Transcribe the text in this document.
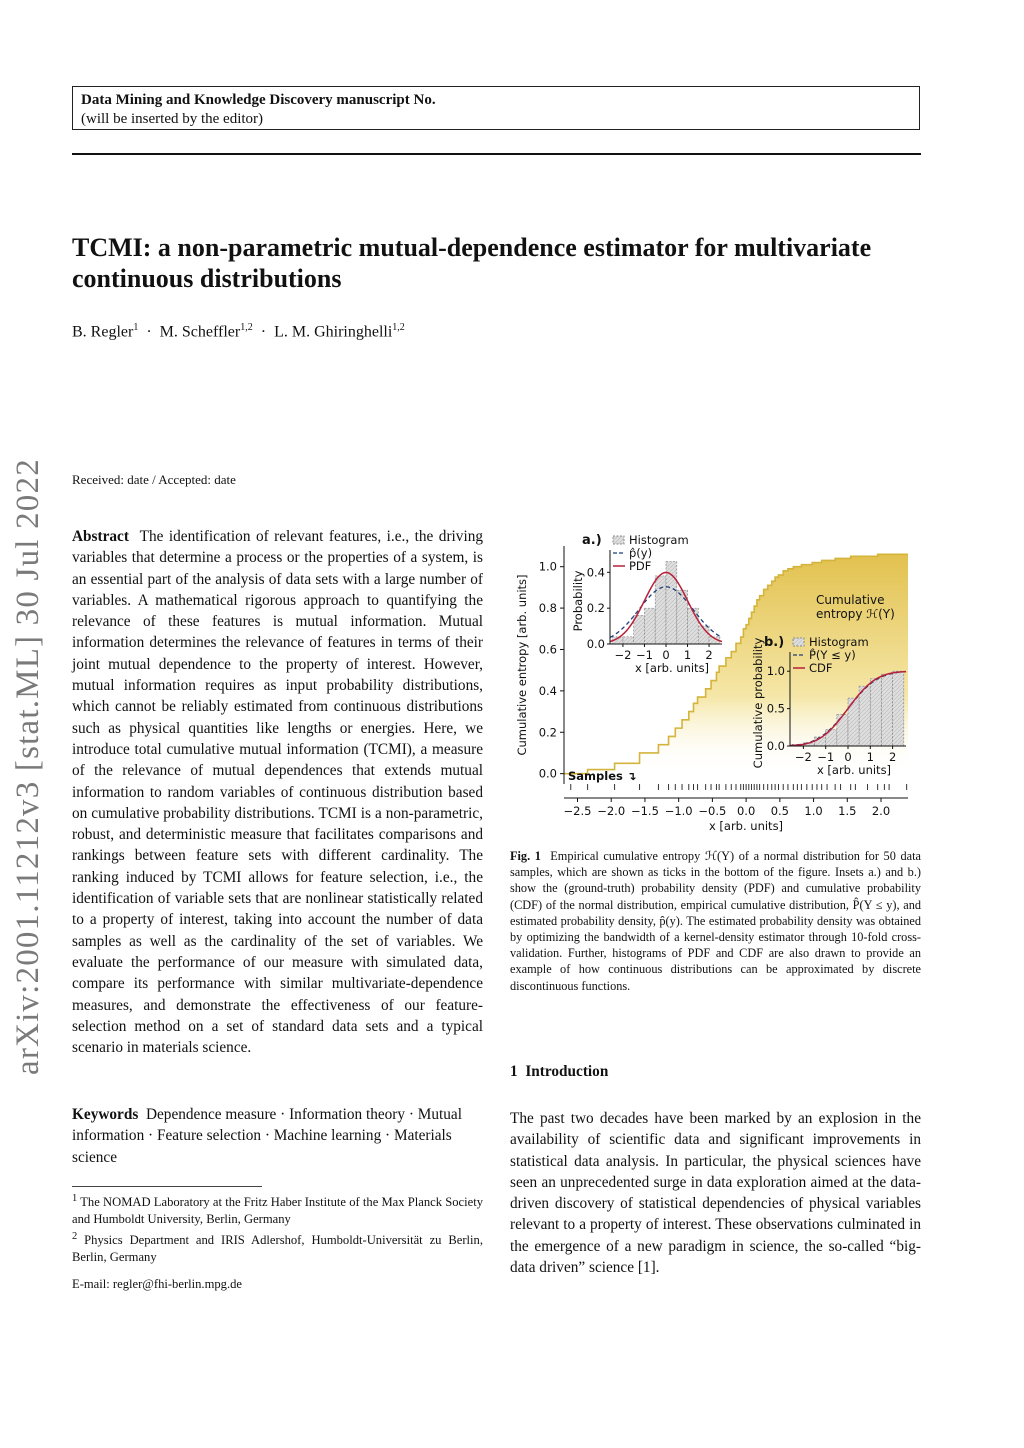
Data Mining and Knowledge Discovery manuscript No.
(will be inserted by the editor)
TCMI: a non-parametric mutual-dependence estimator for multivariate continuous distributions
B. Regler$^1$ · M. Scheffler$^{1,2}$ · L. M. Ghiringhelli$^{1,2}$
Received: date / Accepted: date
arXiv:2001.11212v3 [stat.ML] 30 Jul 2022 Abstract The identification of relevant features, i.e., the driving variables that determine a process or the properties of a system, is an essential part of the analysis of data sets with a large number of variables. A mathematical rigorous approach to quantifying the relevance of these features is mutual information. Mutual information determines the relevance of features in terms of their joint mutual dependence to the property of interest. However, mutual information requires as input probability distributions, which cannot be reliably estimated from continuous distributions such as physical quantities like lengths or energies. Here, we introduce total cumulative mutual information (TCMI), a measure of the relevance of mutual dependences that extends mutual information to random variables of continuous distribution based on cumulative probability distributions. TCMI is a non-parametric, robust, and deterministic measure that facilitates comparisons and rankings between feature sets with different cardinality. The ranking induced by TCMI allows for feature selection, i.e., the identification of variable sets that are nonlinear statistically related to a property of interest, taking into account the number of data samples as well as the cardinality of the set of variables. We evaluate the performance of our measure with simulated data, compare its performance with similar multivariate-dependence measures, and demonstrate the effectiveness of our feature-selection method on a set of standard data sets and a typical scenario in materials science.
Keywords Dependence measure · Information theory · Mutual information · Feature selection · Machine learning · Materials science
$^1$ The NOMAD Laboratory at the Fritz Haber Institute of the Max Planck Society and Humboldt University, Berlin, Germany
$^2$ Physics Department and IRIS Adlershof, Humboldt-Universität zu Berlin, Berlin, Germany
E-mail: regler@fhi-berlin.mpg.de
0.0
0.2
0.4
0.6
0.8
1.0
Cumulative entropy [arb. units]
−2.5 −2.0 −1.5 −1.0 −0.5 0.0 0.5 1.0 1.5 2.0
x [arb. units]
Samples ↴
entropy ℋ(Y)
0.0
0.2
0.4
−2 −1 0 1 2
x [arb. units]
Probability
a.) Histogram
p̂(y)
PDF
0.0
0.5
1.0
−2 −1 0 1 2
x [arb. units]
Cumulative probability b.) Histogram
P̂(Y ≤ y)
CDF
Cumulative
Fig. 1 Empirical cumulative entropy ℋ(Y) of a normal distribution for 50 data samples, which are shown as ticks in the bottom of the figure. Insets a.) and b.) show the (ground-truth) probability density (PDF) and cumulative probability (CDF) of the normal distribution, empirical cumulative distribution, P̂(Y ≤ y), and estimated probability density, p̂(y). The estimated probability density was obtained by optimizing the bandwidth of a kernel-density estimator through 10-fold cross-validation. Further, histograms of PDF and CDF are also drawn to provide an example of how continuous distributions can be approximated by discrete discontinuous functions.
1 Introduction
The past two decades have been marked by an explosion in the availability of scientific data and significant improvements in statistical data analysis. In particular, the physical sciences have seen an unprecedented surge in data exploration aimed at the data-driven discovery of statistical dependencies of physical variables relevant to a property of interest. These observations culminated in the emergence of a new paradigm in science, the so-called “big-data driven” science [1].
